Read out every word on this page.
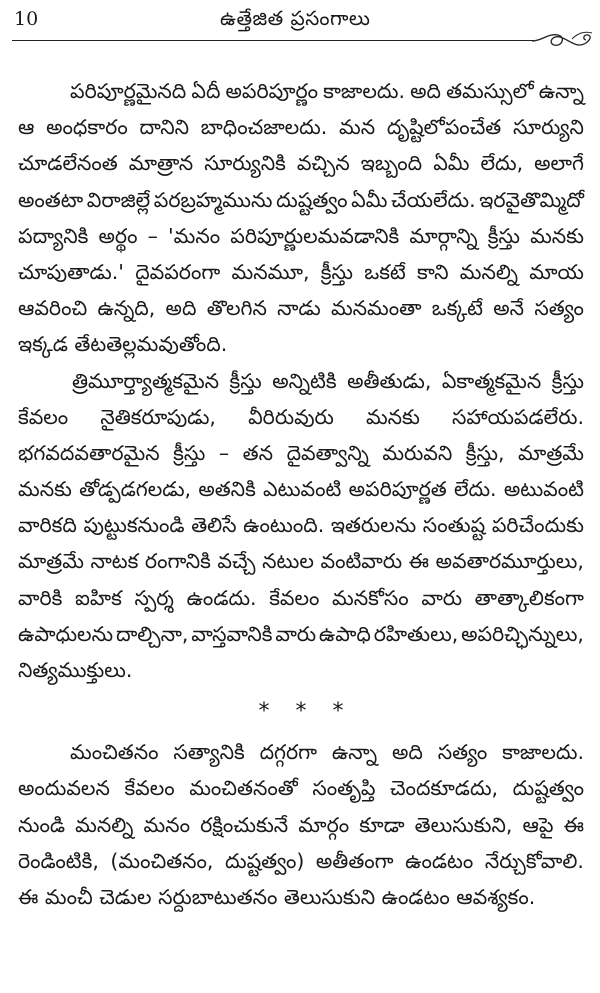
10	ఉత్తేజిత ప్రసంగాలు
పరిపూర్ణమైనది ఏదీ అపరిపూర్ణం కాజాలదు. అది తమస్సులో ఉన్నా
ఆ అంధకారం దానిని బాధించజాలదు. మన దృష్టిలోపంచేత సూర్యుని
చూడలేనంత మాత్రాన సూర్యునికి వచ్చిన ఇబ్బంది ఏమీ లేదు, అలాగే
అంతటా విరాజిల్లే పరబ్రహ్మమును దుష్టత్వం ఏమీ చేయలేదు. ఇరవైతొమ్మిదో
పద్యానికి అర్థం – 'మనం పరిపూర్ణులమవడానికి మార్గాన్ని క్రీస్తు మనకు
చూపుతాడు.' దైవపరంగా మనమూ, క్రీస్తు ఒకటే కాని మనల్ని మాయ
ఆవరించి ఉన్నది, అది తొలగిన నాడు మనమంతా ఒక్కటే అనే సత్యం
ఇక్కడ తేటతెల్లమవుతోంది.
త్రిమూర్త్యాత్మకమైన క్రీస్తు అన్నిటికి అతీతుడు, ఏకాత్మకమైన క్రీస్తు
కేవలం నైతికరూపుడు, వీరిరువురు మనకు సహాయపడలేరు.
భగవదవతారమైన క్రీస్తు – తన దైవత్వాన్ని మరువని క్రీస్తు, మాత్రమే
మనకు తోడ్పడగలడు, అతనికి ఎటువంటి అపరిపూర్ణత లేదు. అటువంటి
వారికది పుట్టుకనుండి తెలిసే ఉంటుంది. ఇతరులను సంతుష్ట పరిచేందుకు
మాత్రమే నాటక రంగానికి వచ్చే నటుల వంటివారు ఈ అవతారమూర్తులు,
వారికి ఐహిక స్పర్శ ఉండదు. కేవలం మనకోసం వారు తాత్కాలికంగా
ఉపాధులను దాల్చినా, వాస్తవానికి వారు ఉపాధి రహితులు, అపరిచ్ఛిన్నులు,
నిత్యముక్తులు.
* * *
మంచితనం సత్యానికి దగ్గరగా ఉన్నా అది సత్యం కాజాలదు.
అందువలన కేవలం మంచితనంతో సంతృప్తి చెందకూడదు, దుష్టత్వం
నుండి మనల్ని మనం రక్షించుకునే మార్గం కూడా తెలుసుకుని, ఆపై ఈ
రెండింటికి, (మంచితనం, దుష్టత్వం) అతీతంగా ఉండటం నేర్చుకోవాలి.
ఈ మంచీ చెడుల సర్దుబాటుతనం తెలుసుకుని ఉండటం ఆవశ్యకం.
